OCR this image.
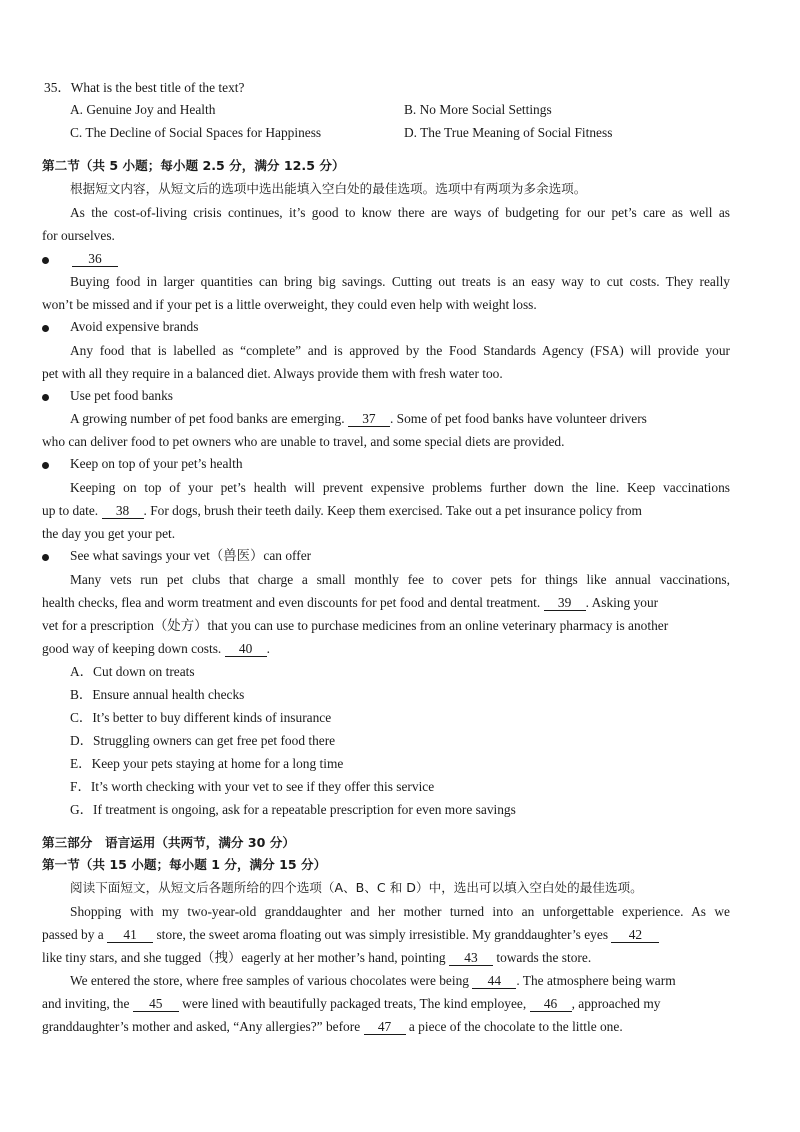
35．What is the best title of the text?
A. Genuine Joy and Health	B. No More Social Settings
C. The Decline of Social Spaces for Happiness	D. The True Meaning of Social Fitness
第二节（共 5 小题；每小题 2.5 分，满分 12.5 分）
根据短文内容，从短文后的选项中选出能填入空白处的最佳选项。选项中有两项为多余选项。
As the cost-of-living crisis continues, it’s good to know there are ways of budgeting for our pet’s care as well as
for ourselves.
36
Buying food in larger quantities can bring big savings. Cutting out treats is an easy way to cut costs. They really
won’t be missed and if your pet is a little overweight, they could even help with weight loss.
Avoid expensive brands
Any food that is labelled as “complete” and is approved by the Food Standards Agency (FSA) will provide your
pet with all they require in a balanced diet. Always provide them with fresh water too.
Use pet food banks
A growing number of pet food banks are emerging. 37 . Some of pet food banks have volunteer drivers
who can deliver food to pet owners who are unable to travel, and some special diets are provided.
Keep on top of your pet’s health
Keeping on top of your pet’s health will prevent expensive problems further down the line. Keep vaccinations
up to date. 38 . For dogs, brush their teeth daily. Keep them exercised. Take out a pet insurance policy from
the day you get your pet.
See what savings your vet（兽医）can offer
Many vets run pet clubs that charge a small monthly fee to cover pets for things like annual vaccinations,
health checks, flea and worm treatment and even discounts for pet food and dental treatment. 39 . Asking your
vet for a prescription（处方）that you can use to purchase medicines from an online veterinary pharmacy is another
good way of keeping down costs. 40 .
A．Cut down on treats
B．Ensure annual health checks
C．It’s better to buy different kinds of insurance
D．Struggling owners can get free pet food there
E．Keep your pets staying at home for a long time
F．It’s worth checking with your vet to see if they offer this service
G．If treatment is ongoing, ask for a repeatable prescription for even more savings
第三部分　语言运用（共两节，满分 30 分）
第一节（共 15 小题；每小题 1 分，满分 15 分）
阅读下面短文，从短文后各题所给的四个选项（A、B、C 和 D）中，选出可以填入空白处的最佳选项。
Shopping with my two-year-old granddaughter and her mother turned into an unforgettable experience. As we
passed by a 41 store, the sweet aroma floating out was simply irresistible. My granddaughter’s eyes 42
like tiny stars, and she tugged（拽）eagerly at her mother’s hand, pointing 43 towards the store.
We entered the store, where free samples of various chocolates were being 44 . The atmosphere being warm
and inviting, the 45 were lined with beautifully packaged treats, The kind employee, 46 , approached my
granddaughter’s mother and asked, “Any allergies?” before 47 a piece of the chocolate to the little one.
